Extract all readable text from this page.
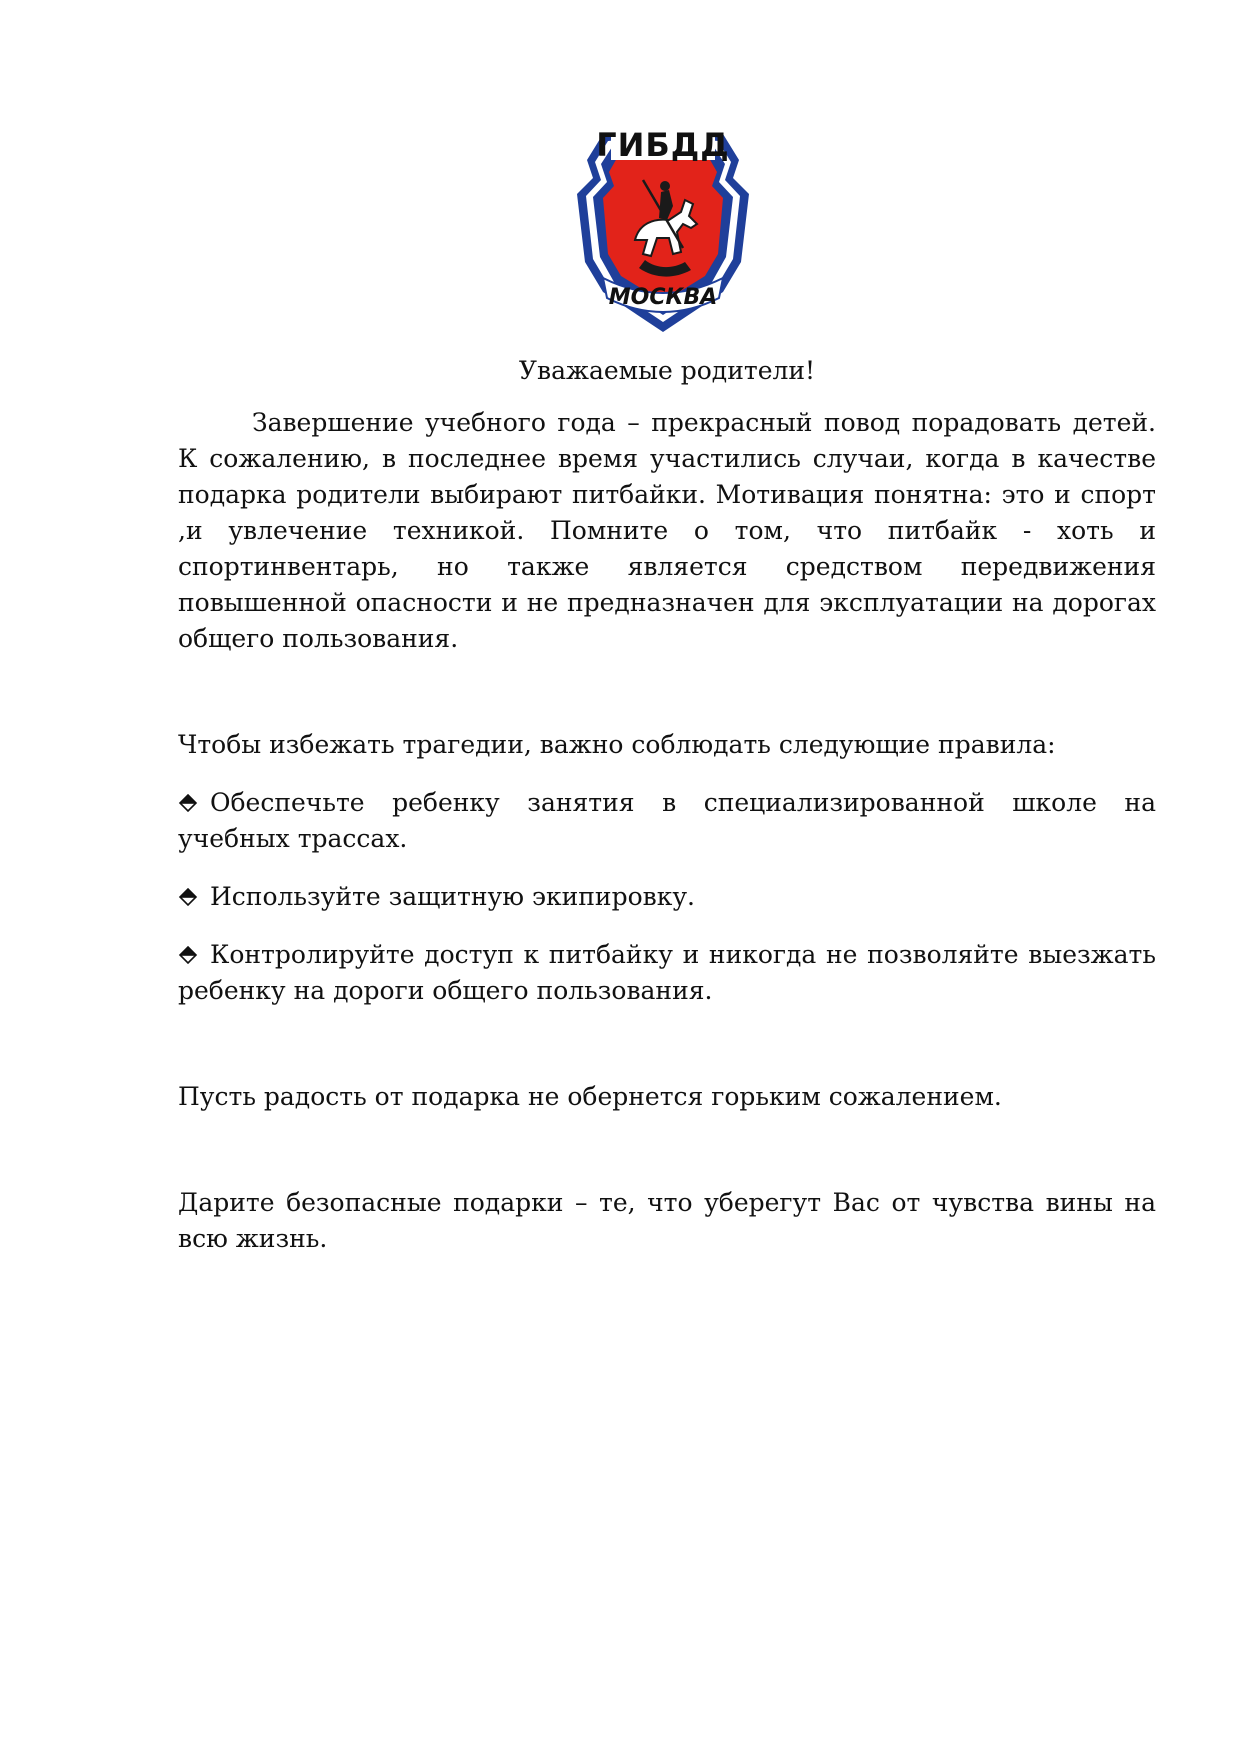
ГИБДД
МОСКВА
Уважаемые родители!

Завершение учебного года – прекрасный повод порадовать детей. К сожалению, в последнее время участились случаи, когда в качестве подарка родители выбирают питбайки. Мотивация понятна: это и спорт ,и увлечение техникой. Помните о том, что питбайк - хоть и спортинвентарь, но также является средством передвижения повышенной опасности и не предназначен для эксплуатации на дорогах общего пользования.

Чтобы избежать трагедии, важно соблюдать следующие правила:

Обеспечьте ребенку занятия в специализированной школе на учебных трассах.

Используйте защитную экипировку.

Контролируйте доступ к питбайку и никогда не позволяйте выезжать ребенку на дороги общего пользования.

Пусть радость от подарка не обернется горьким сожалением.

Дарите безопасные подарки – те, что уберегут Вас от чувства вины на всю жизнь.
